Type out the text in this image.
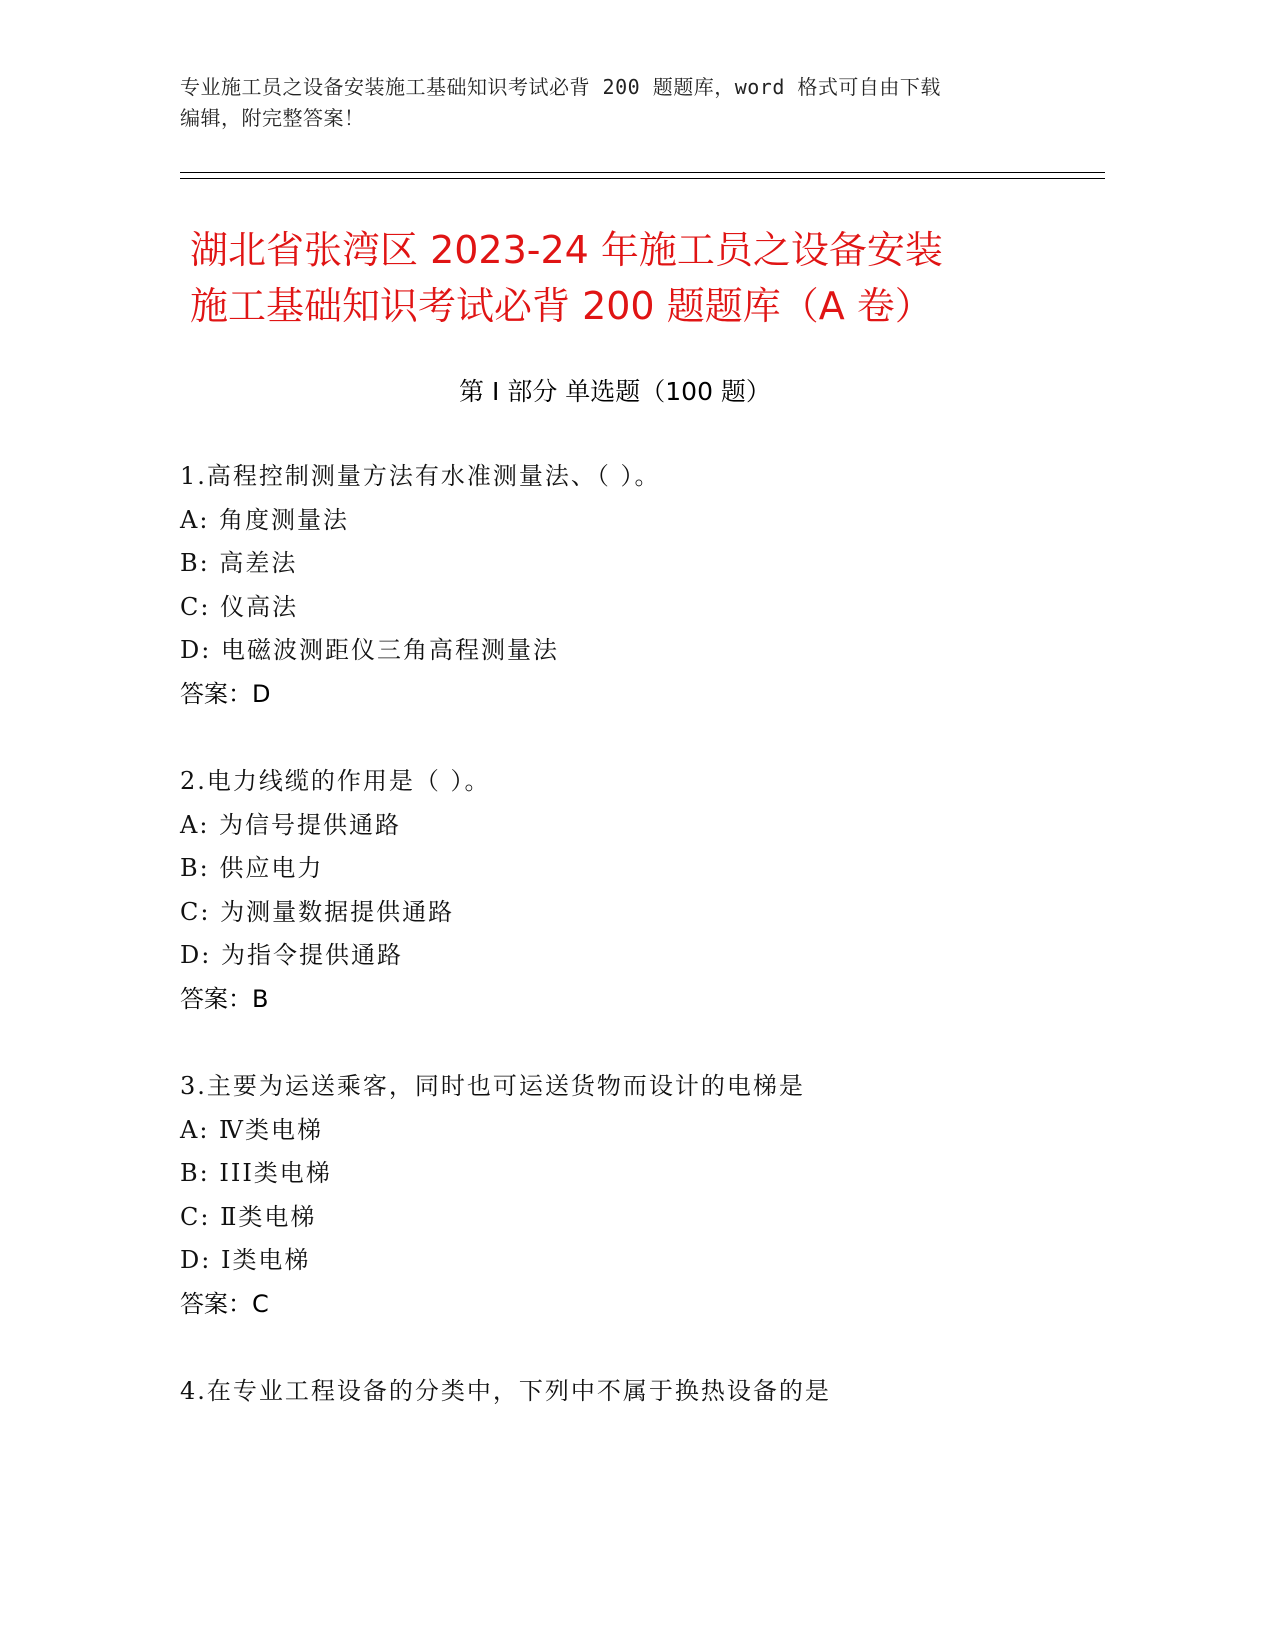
专业施工员之设备安装施工基础知识考试必背 200 题题库，word 格式可自由下载
编辑，附完整答案！
湖北省张湾区 2023-24 年施工员之设备安装
施工基础知识考试必背 200 题题库（A 卷）
第 I 部分 单选题（100 题）
1.高程控制测量方法有水准测量法、（ ）。
A: 角度测量法
B: 高差法
C: 仪高法
D: 电磁波测距仪三角高程测量法
答案：D
2.电力线缆的作用是（ ）。
A: 为信号提供通路
B: 供应电力
C: 为测量数据提供通路
D: 为指令提供通路
答案：B
3.主要为运送乘客，同时也可运送货物而设计的电梯是
A: Ⅳ类电梯
B: III类电梯
C: Ⅱ类电梯
D: Ⅰ类电梯
答案：C
4.在专业工程设备的分类中，下列中不属于换热设备的是
